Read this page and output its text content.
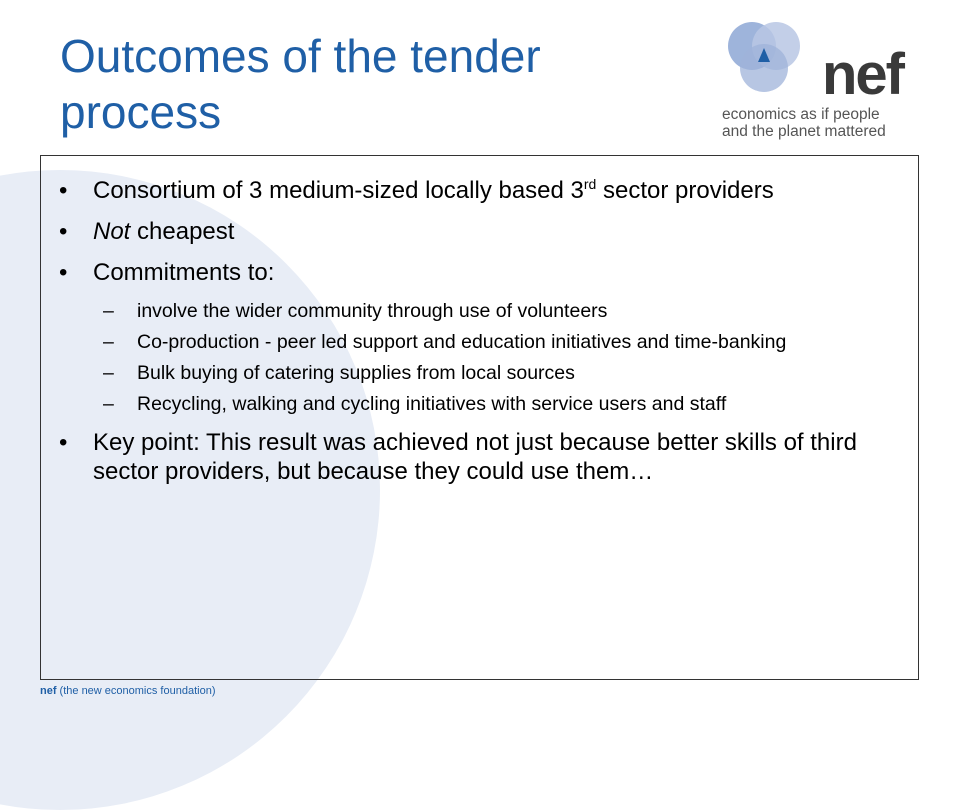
Outcomes of the tender
process
nef
economics as if people
and the planet mattered
• Consortium of 3 medium-sized locally based 3rd sector providers
• Not cheapest
• Commitments to:
– involve the wider community through use of volunteers
– Co-production - peer led support and education initiatives and time-banking
– Bulk buying of catering supplies from local sources
– Recycling, walking and cycling initiatives with service users and staff
• Key point: This result was achieved not just because better skills of third sector providers, but because they could use them…
nef (the new economics foundation)
